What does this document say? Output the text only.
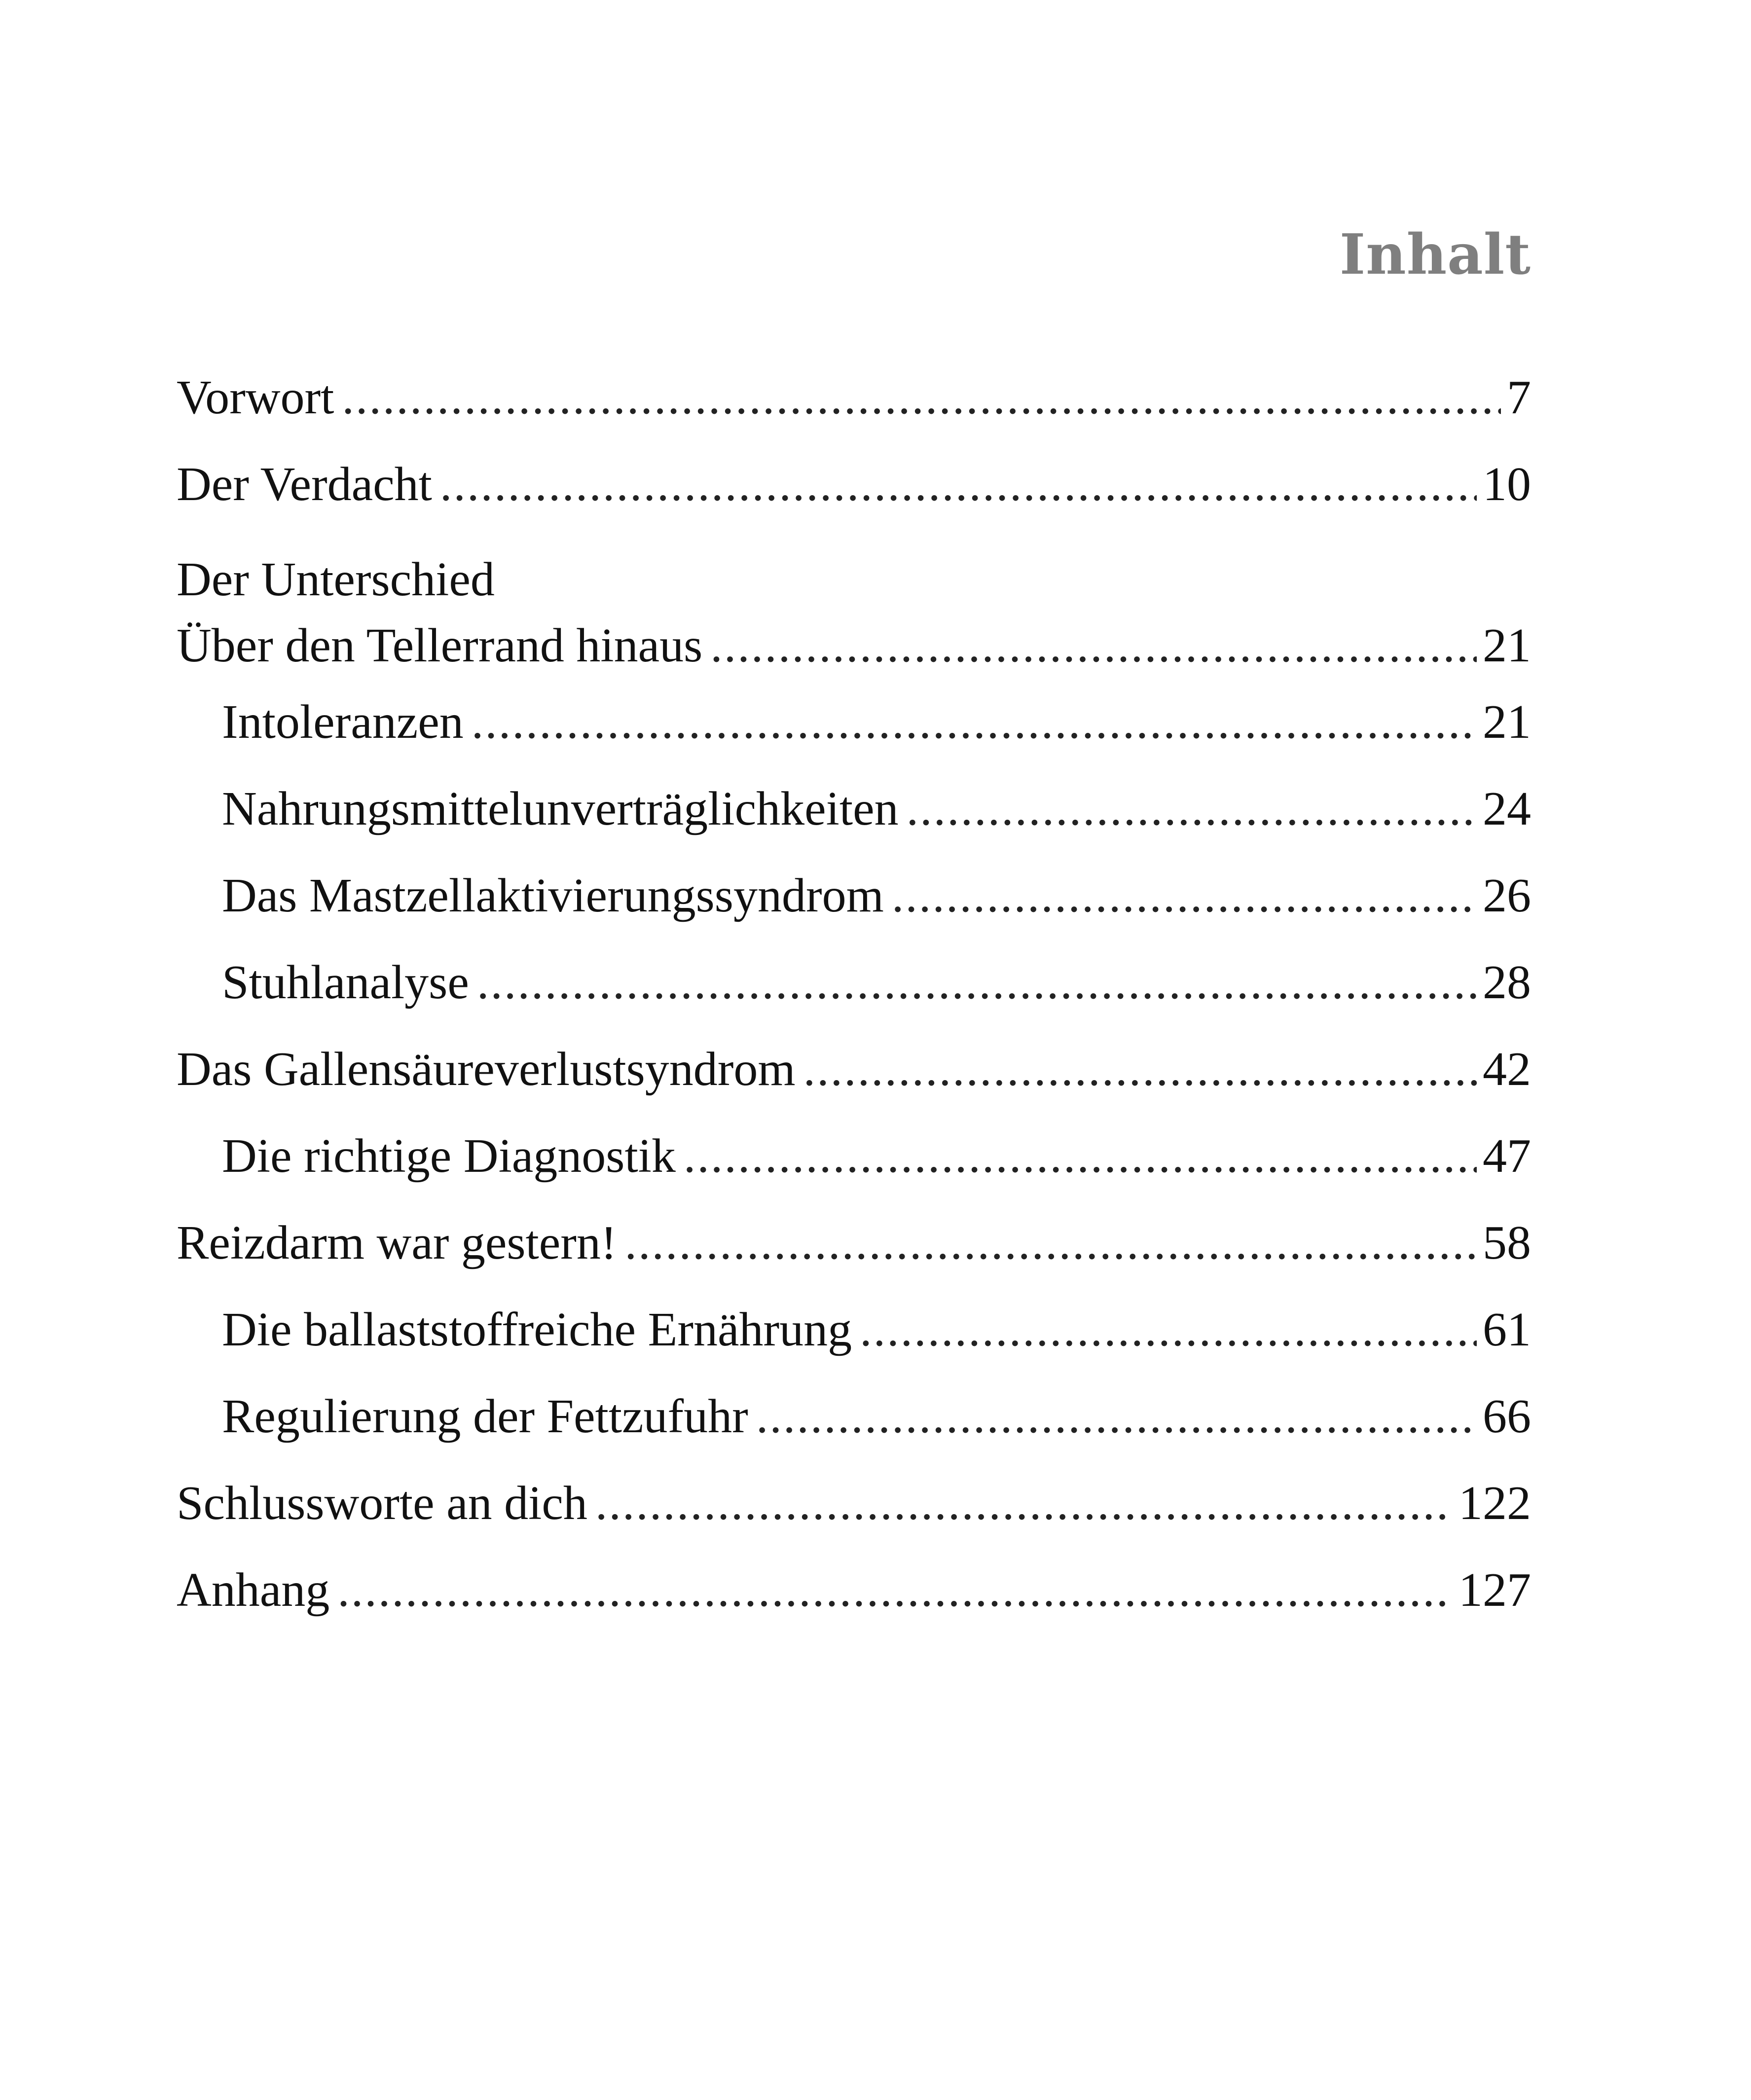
Inhalt
Vorwort .....	7
Der Verdacht .....	10
Der Unterschied
Über den Tellerrand hinaus .....	21
Intoleranzen .....	21
Nahrungsmittelunverträglichkeiten .....	24
Das Mastzellaktivierungssyndrom .....	26
Stuhlanalyse .....	28
Das Gallensäureverlustsyndrom .....	42
Die richtige Diagnostik .....	47
Reizdarm war gestern! .....	58
Die ballaststoffreiche Ernährung .....	61
Regulierung der Fettzufuhr .....	66
Schlussworte an dich .....	122
Anhang .....	127
